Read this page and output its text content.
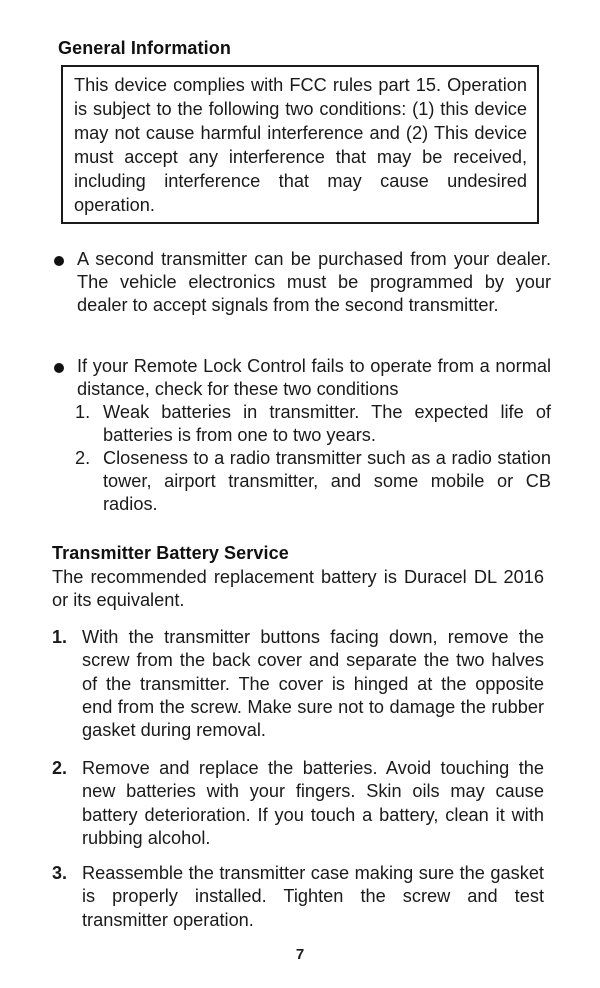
General Information

This device complies with FCC rules part 15. Operation is subject to the following two conditions: (1) this device may not cause harmful interference and (2) This device must accept any interference that may be received, including interference that may cause undesired operation.

A second transmitter can be purchased from your dealer. The vehicle electronics must be programmed by your dealer to accept signals from the second transmitter.

If your Remote Lock Control fails to operate from a normal distance, check for these two conditions

1. Weak batteries in transmitter. The expected life of batteries is from one to two years.
2. Closeness to a radio transmitter such as a radio station tower, airport transmitter, and some mobile or CB radios.
Transmitter Battery Service

The recommended replacement battery is Duracel DL 2016 or its equivalent.

1. With the transmitter buttons facing down, remove the screw from the back cover and separate the two halves of the transmitter. The cover is hinged at the opposite end from the screw. Make sure not to damage the rubber gasket during removal.

2. Remove and replace the batteries. Avoid touching the new batteries with your fingers. Skin oils may cause battery deterioration. If you touch a battery, clean it with rubbing alcohol.

3. Reassemble the transmitter case making sure the gasket is properly installed. Tighten the screw and test transmitter operation.

7
